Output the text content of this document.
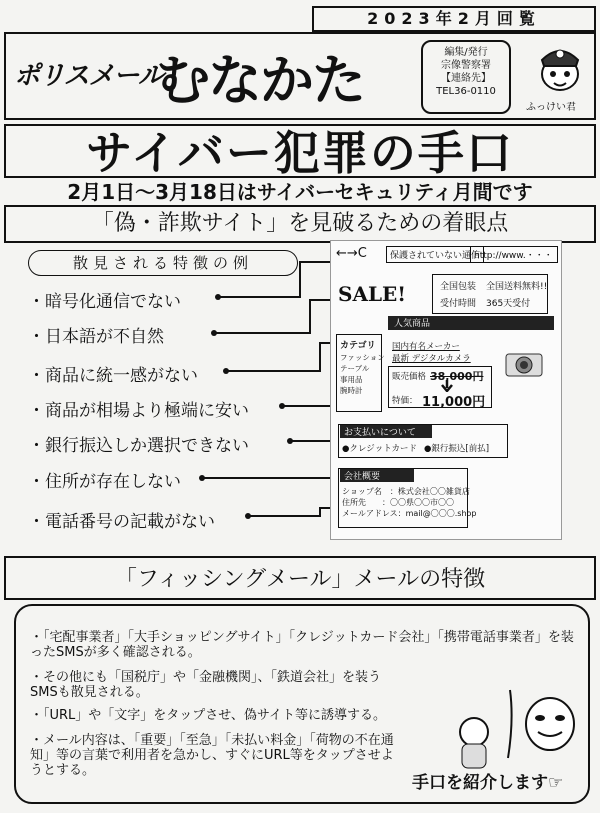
2023年2月回覧
ポリスメール
むなかた	編集/発行
宗像警察署
【連絡先】
TEL36-0110
ふっけい君
サイバー犯罪の手口
2月1日～3月18日はサイバーセキュリティ月間です
「偽・詐欺サイト」を見破るための着眼点
散見される特徴の例
・暗号化通信でない
・日本語が不自然
・商品に統一感がない
・商品が相場より極端に安い
・銀行振込しか選択できない
・住所が存在しない
・電話番号の記載がない
←→C	保護されていない通信
http://www.・・・
SALE!	全国包装 全国送料無料!!
受付時間 365天受付
人気商品
カテゴリ
ファッション
テーブル
事用品
腕時計
国内有名メーカー
最新 デジタルカメラ
販売価格 38,000円
特価： 11,000円
お支払いについて
●クレジットカード ●銀行振込[前払]
会社概要
ショップ名　：株式会社〇〇雑貨店
住所先　　：〇〇県〇〇市〇〇
メールアドレス：mail@〇〇〇.shop
「フィッシングメール」メールの特徴
・「宅配事業者」「大手ショッピングサイト」「クレジットカード会社」「携帯電話事業者」を装ったSMSが多く確認される。
・その他にも「国税庁」や「金融機関」、「鉄道会社」を装うSMSも散見される。
・「URL」や「文字」をタップさせ、偽サイト等に誘導する。
・メール内容は、「重要」「至急」「未払い料金」「荷物の不在通知」等の言葉で利用者を急かし、すぐにURL等をタップさせようとする。
手口を紹介します☞
